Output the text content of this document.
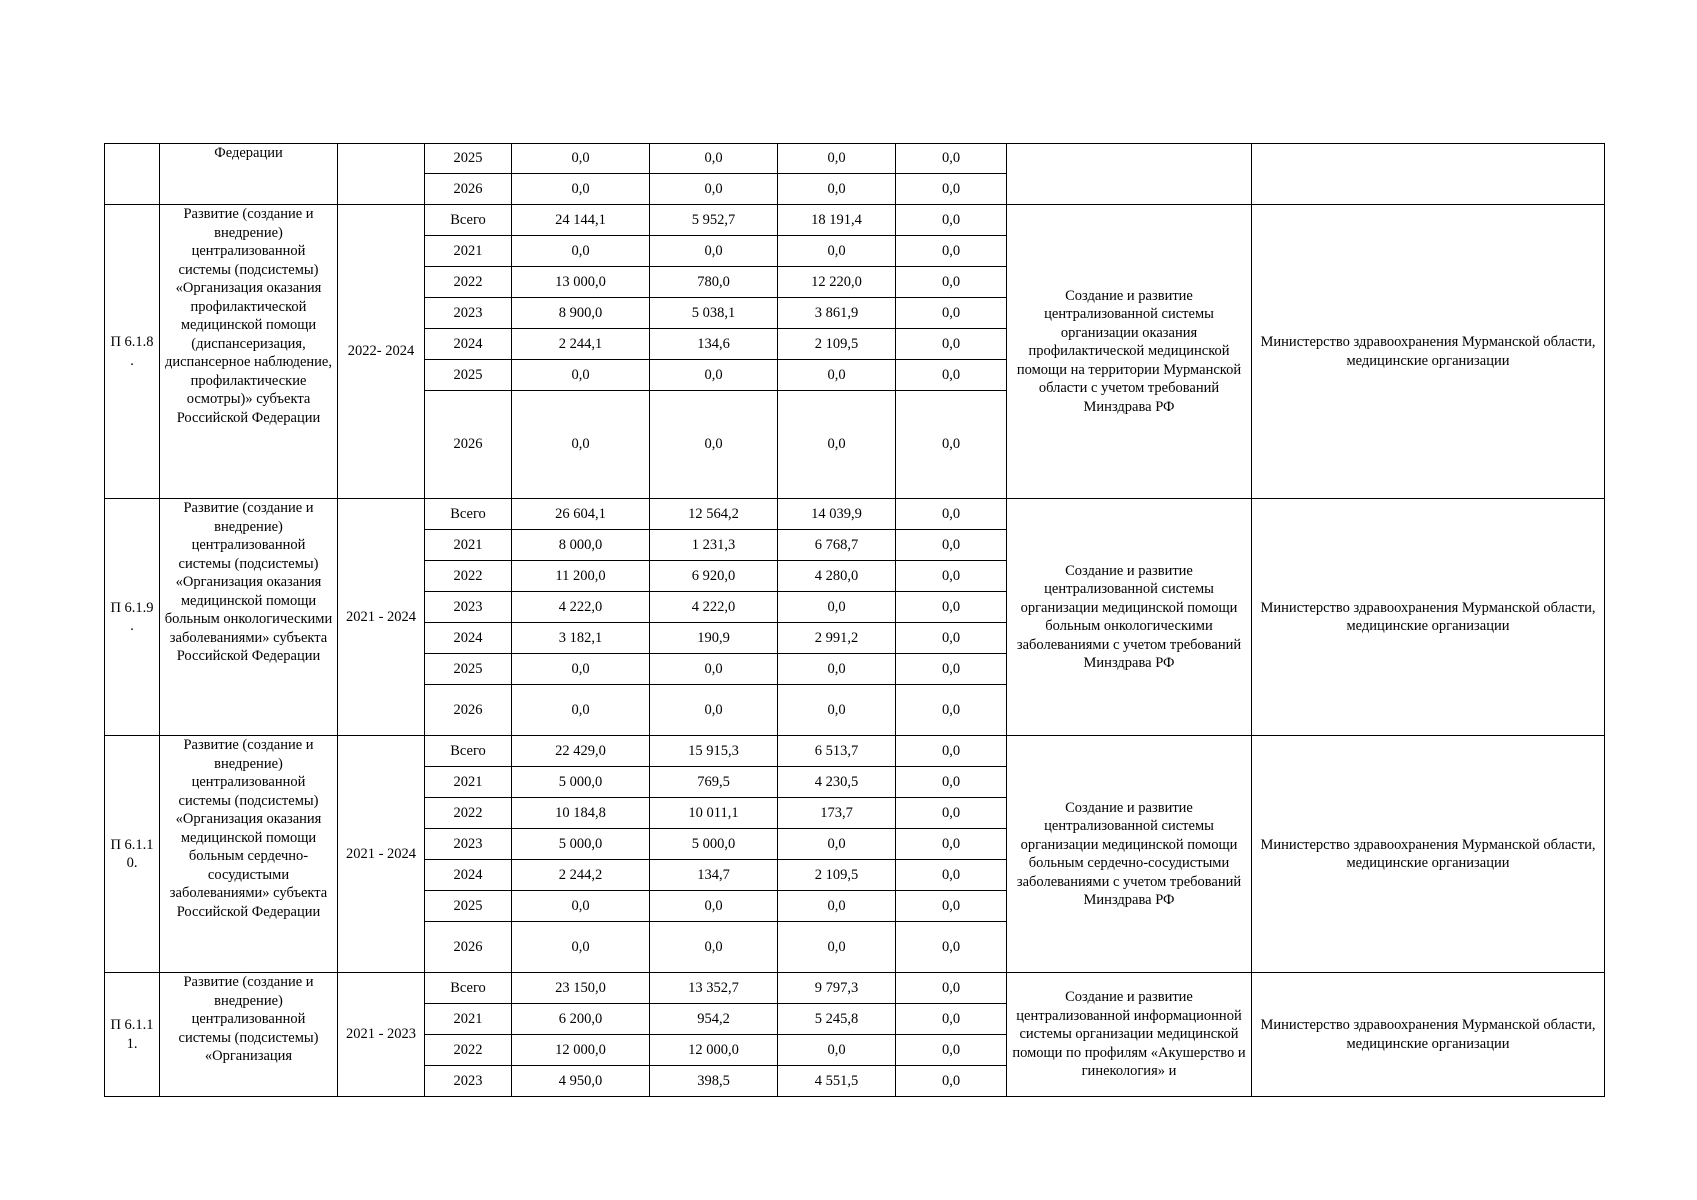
	Федерации		2025	0,0	0,0	0,0	0,0		
			2026	0,0	0,0	0,0	0,0		
П 6.1.8 .	Развитие (создание и внедрение) централизованной системы (подсистемы) «Организация оказания профилактической медицинской помощи (диспансеризация, диспансерное наблюдение, профилактические осмотры)» субъекта Российской Федерации	2022- 2024	Всего	24 144,1	5 952,7	18 191,4	0,0	Создание и развитие централизованной системы организации оказания профилактической медицинской помощи на территории Мурманской области с учетом требований Минздрава РФ	Министерство здравоохранения Мурманской области, медицинские организации
			2021	0,0	0,0	0,0	0,0		
			2022	13 000,0	780,0	12 220,0	0,0		
			2023	8 900,0	5 038,1	3 861,9	0,0		
			2024	2 244,1	134,6	2 109,5	0,0		
			2025	0,0	0,0	0,0	0,0		
			2026	0,0	0,0	0,0	0,0		
П 6.1.9 .	Развитие (создание и внедрение) централизованной системы (подсистемы) «Организация оказания медицинской помощи больным онкологическими заболеваниями» субъекта Российской Федерации	2021 - 2024	Всего	26 604,1	12 564,2	14 039,9	0,0	Создание и развитие централизованной системы организации медицинской помощи больным онкологическими заболеваниями с учетом требований Минздрава РФ	Министерство здравоохранения Мурманской области, медицинские организации
			2021	8 000,0	1 231,3	6 768,7	0,0		
			2022	11 200,0	6 920,0	4 280,0	0,0		
			2023	4 222,0	4 222,0	0,0	0,0		
			2024	3 182,1	190,9	2 991,2	0,0		
			2025	0,0	0,0	0,0	0,0		
			2026	0,0	0,0	0,0	0,0		
П 6.1.1 0.	Развитие (создание и внедрение) централизованной системы (подсистемы) «Организация оказания медицинской помощи больным сердечно-сосудистыми заболеваниями» субъекта Российской Федерации	2021 - 2024	Всего	22 429,0	15 915,3	6 513,7	0,0	Создание и развитие централизованной системы организации медицинской помощи больным сердечно-сосудистыми заболеваниями с учетом требований Минздрава РФ	Министерство здравоохранения Мурманской области, медицинские организации
			2021	5 000,0	769,5	4 230,5	0,0		
			2022	10 184,8	10 011,1	173,7	0,0		
			2023	5 000,0	5 000,0	0,0	0,0		
			2024	2 244,2	134,7	2 109,5	0,0		
			2025	0,0	0,0	0,0	0,0		
			2026	0,0	0,0	0,0	0,0		
П 6.1.1 1.	Развитие (создание и внедрение) централизованной системы (подсистемы) «Организация	2021 - 2023	Всего	23 150,0	13 352,7	9 797,3	0,0	Создание и развитие централизованной информационной системы организации медицинской помощи по профилям «Акушерство и гинекология» и	Министерство здравоохранения Мурманской области, медицинские организации
			2021	6 200,0	954,2	5 245,8	0,0		
			2022	12 000,0	12 000,0	0,0	0,0		
			2023	4 950,0	398,5	4 551,5	0,0		
